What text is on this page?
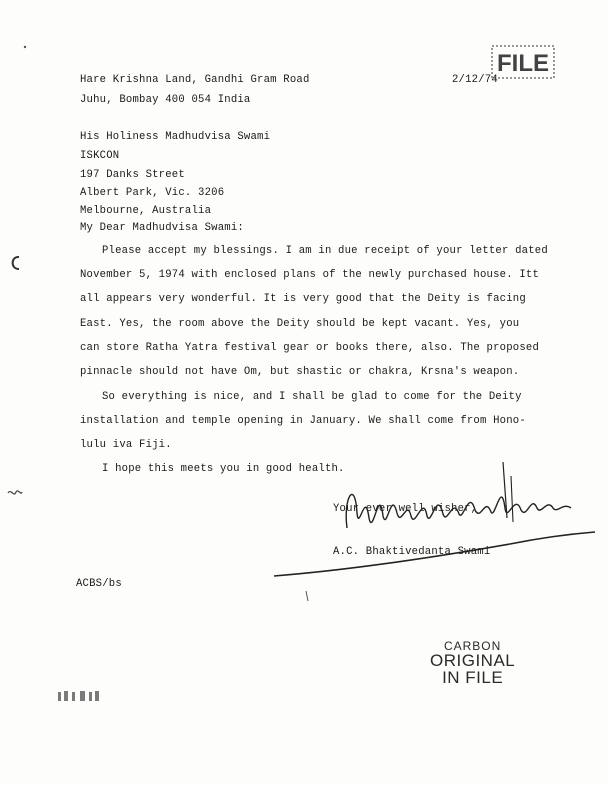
FILE
Hare Krishna Land, Gandhi Gram Road
Juhu, Bombay 400 054 India
2/12/74
His Holiness Madhudvisa Swami
ISKCON
197 Danks Street
Albert Park, Vic. 3206
Melbourne, Australia
My Dear Madhudvisa Swami:
Please accept my blessings. I am in due receipt of your letter dated
November 5, 1974 with enclosed plans of the newly purchased house. Itt
all appears very wonderful. It is very good that the Deity is facing
East. Yes, the room above the Deity should be kept vacant. Yes, you
can store Ratha Yatra festival gear or books there, also. The proposed
pinnacle should not have Om, but shastic or chakra, Krsna's weapon.
So everything is nice, and I shall be glad to come for the Deity
installation and temple opening in January. We shall come from Hono-
lulu iva Fiji.
I hope this meets you in good health.
Your ever well wisher,
A.C. Bhaktivedanta Swami
ACBS/bs
CARBON
ORIGINAL
IN FILE
